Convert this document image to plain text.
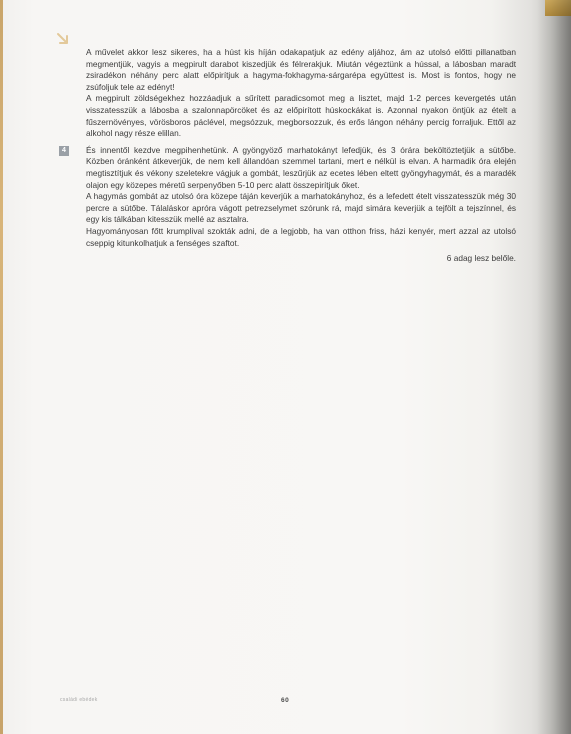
A művelet akkor lesz sikeres, ha a húst kis híján odakapatjuk az edény aljához, ám az utolsó előtti pillanatban megmentjük, vagyis a megpirult darabot kiszedjük és félrerakjuk. Miután végeztünk a hússal, a lábosban maradt zsiradékon néhány perc alatt előpirítjuk a hagyma-fokhagyma-sárgarépa együttest is. Most is fontos, hogy ne zsúfoljuk tele az edényt!

A megpirult zöldségekhez hozzáadjuk a sűrített paradicsomot meg a lisztet, majd 1-2 perces kevergetés után visszatesszük a lábosba a szalonnapörcöket és az előpirított húskockákat is. Azonnal nyakon öntjük az ételt a fűszernövényes, vörösboros páclével, megsózzuk, megborsozzuk, és erős lángon néhány percig forraljuk. Ettől az alkohol nagy része elillan.

4	És innentől kezdve megpihenhetünk. A gyöngyöző marhatokányt lefedjük, és 3 órára beköltöztetjük a sütőbe. Közben óránként átkeverjük, de nem kell állandóan szemmel tartani, mert e nélkül is elvan. A harmadik óra elején megtisztítjuk és vékony szeletekre vágjuk a gombát, leszűrjük az ecetes lében eltett gyöngyhagymát, és a maradék olajon egy közepes méretű serpenyőben 5-10 perc alatt összepirítjuk őket.

A hagymás gombát az utolsó óra közepe táján keverjük a marhatokányhoz, és a lefedett ételt visszatesszük még 30 percre a sütőbe. Tálaláskor apróra vágott petrezselymet szórunk rá, majd simára keverjük a tejfölt a tejszínnel, és egy kis tálkában kitesszük mellé az asztalra.

Hagyományosan főtt krumplival szokták adni, de a legjobb, ha van otthon friss, házi kenyér, mert azzal az utolsó cseppig kitunkolhatjuk a fenséges szaftot.

6 adag lesz belőle.

családi ebédek	60
